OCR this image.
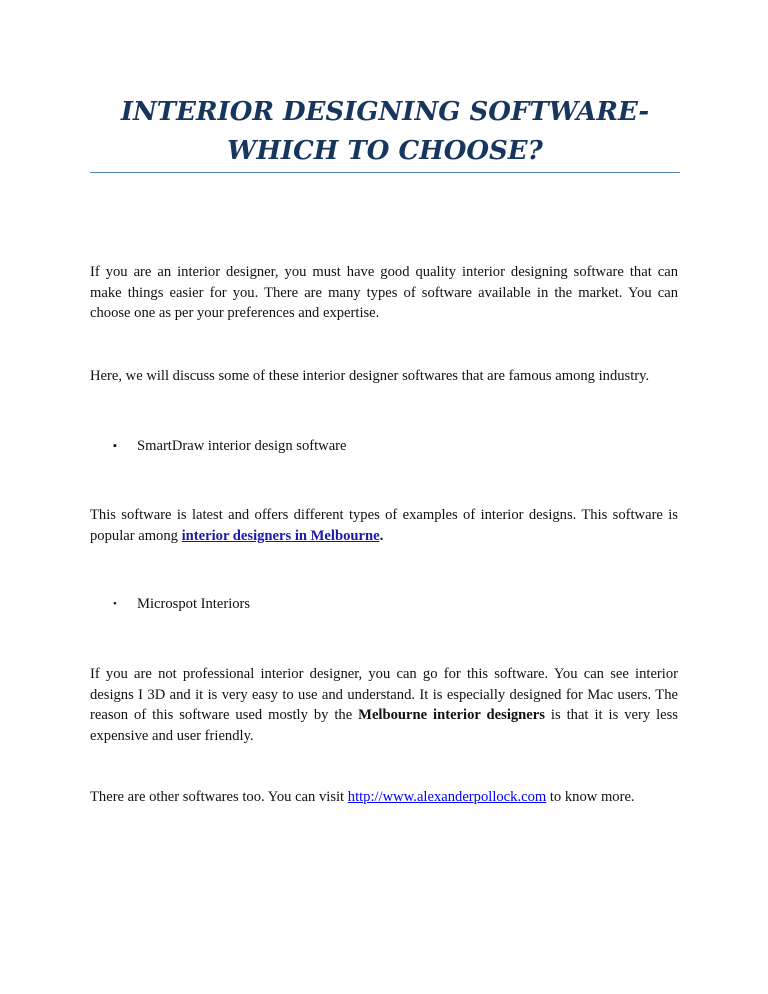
INTERIOR DESIGNING SOFTWARE-
WHICH TO CHOOSE?

If you are an interior designer, you must have good quality interior designing software that can make things easier for you. There are many types of software available in the market. You can choose one as per your preferences and expertise.

Here, we will discuss some of these interior designer softwares that are famous among industry.

▪ SmartDraw interior design software

This software is latest and offers different types of examples of interior designs. This software is popular among interior designers in Melbourne.

• Microspot Interiors

If you are not professional interior designer, you can go for this software. You can see interior designs I 3D and it is very easy to use and understand. It is especially designed for Mac users. The reason of this software used mostly by the Melbourne interior designers is that it is very less expensive and user friendly.

There are other softwares too. You can visit http://www.alexanderpollock.com to know more.
